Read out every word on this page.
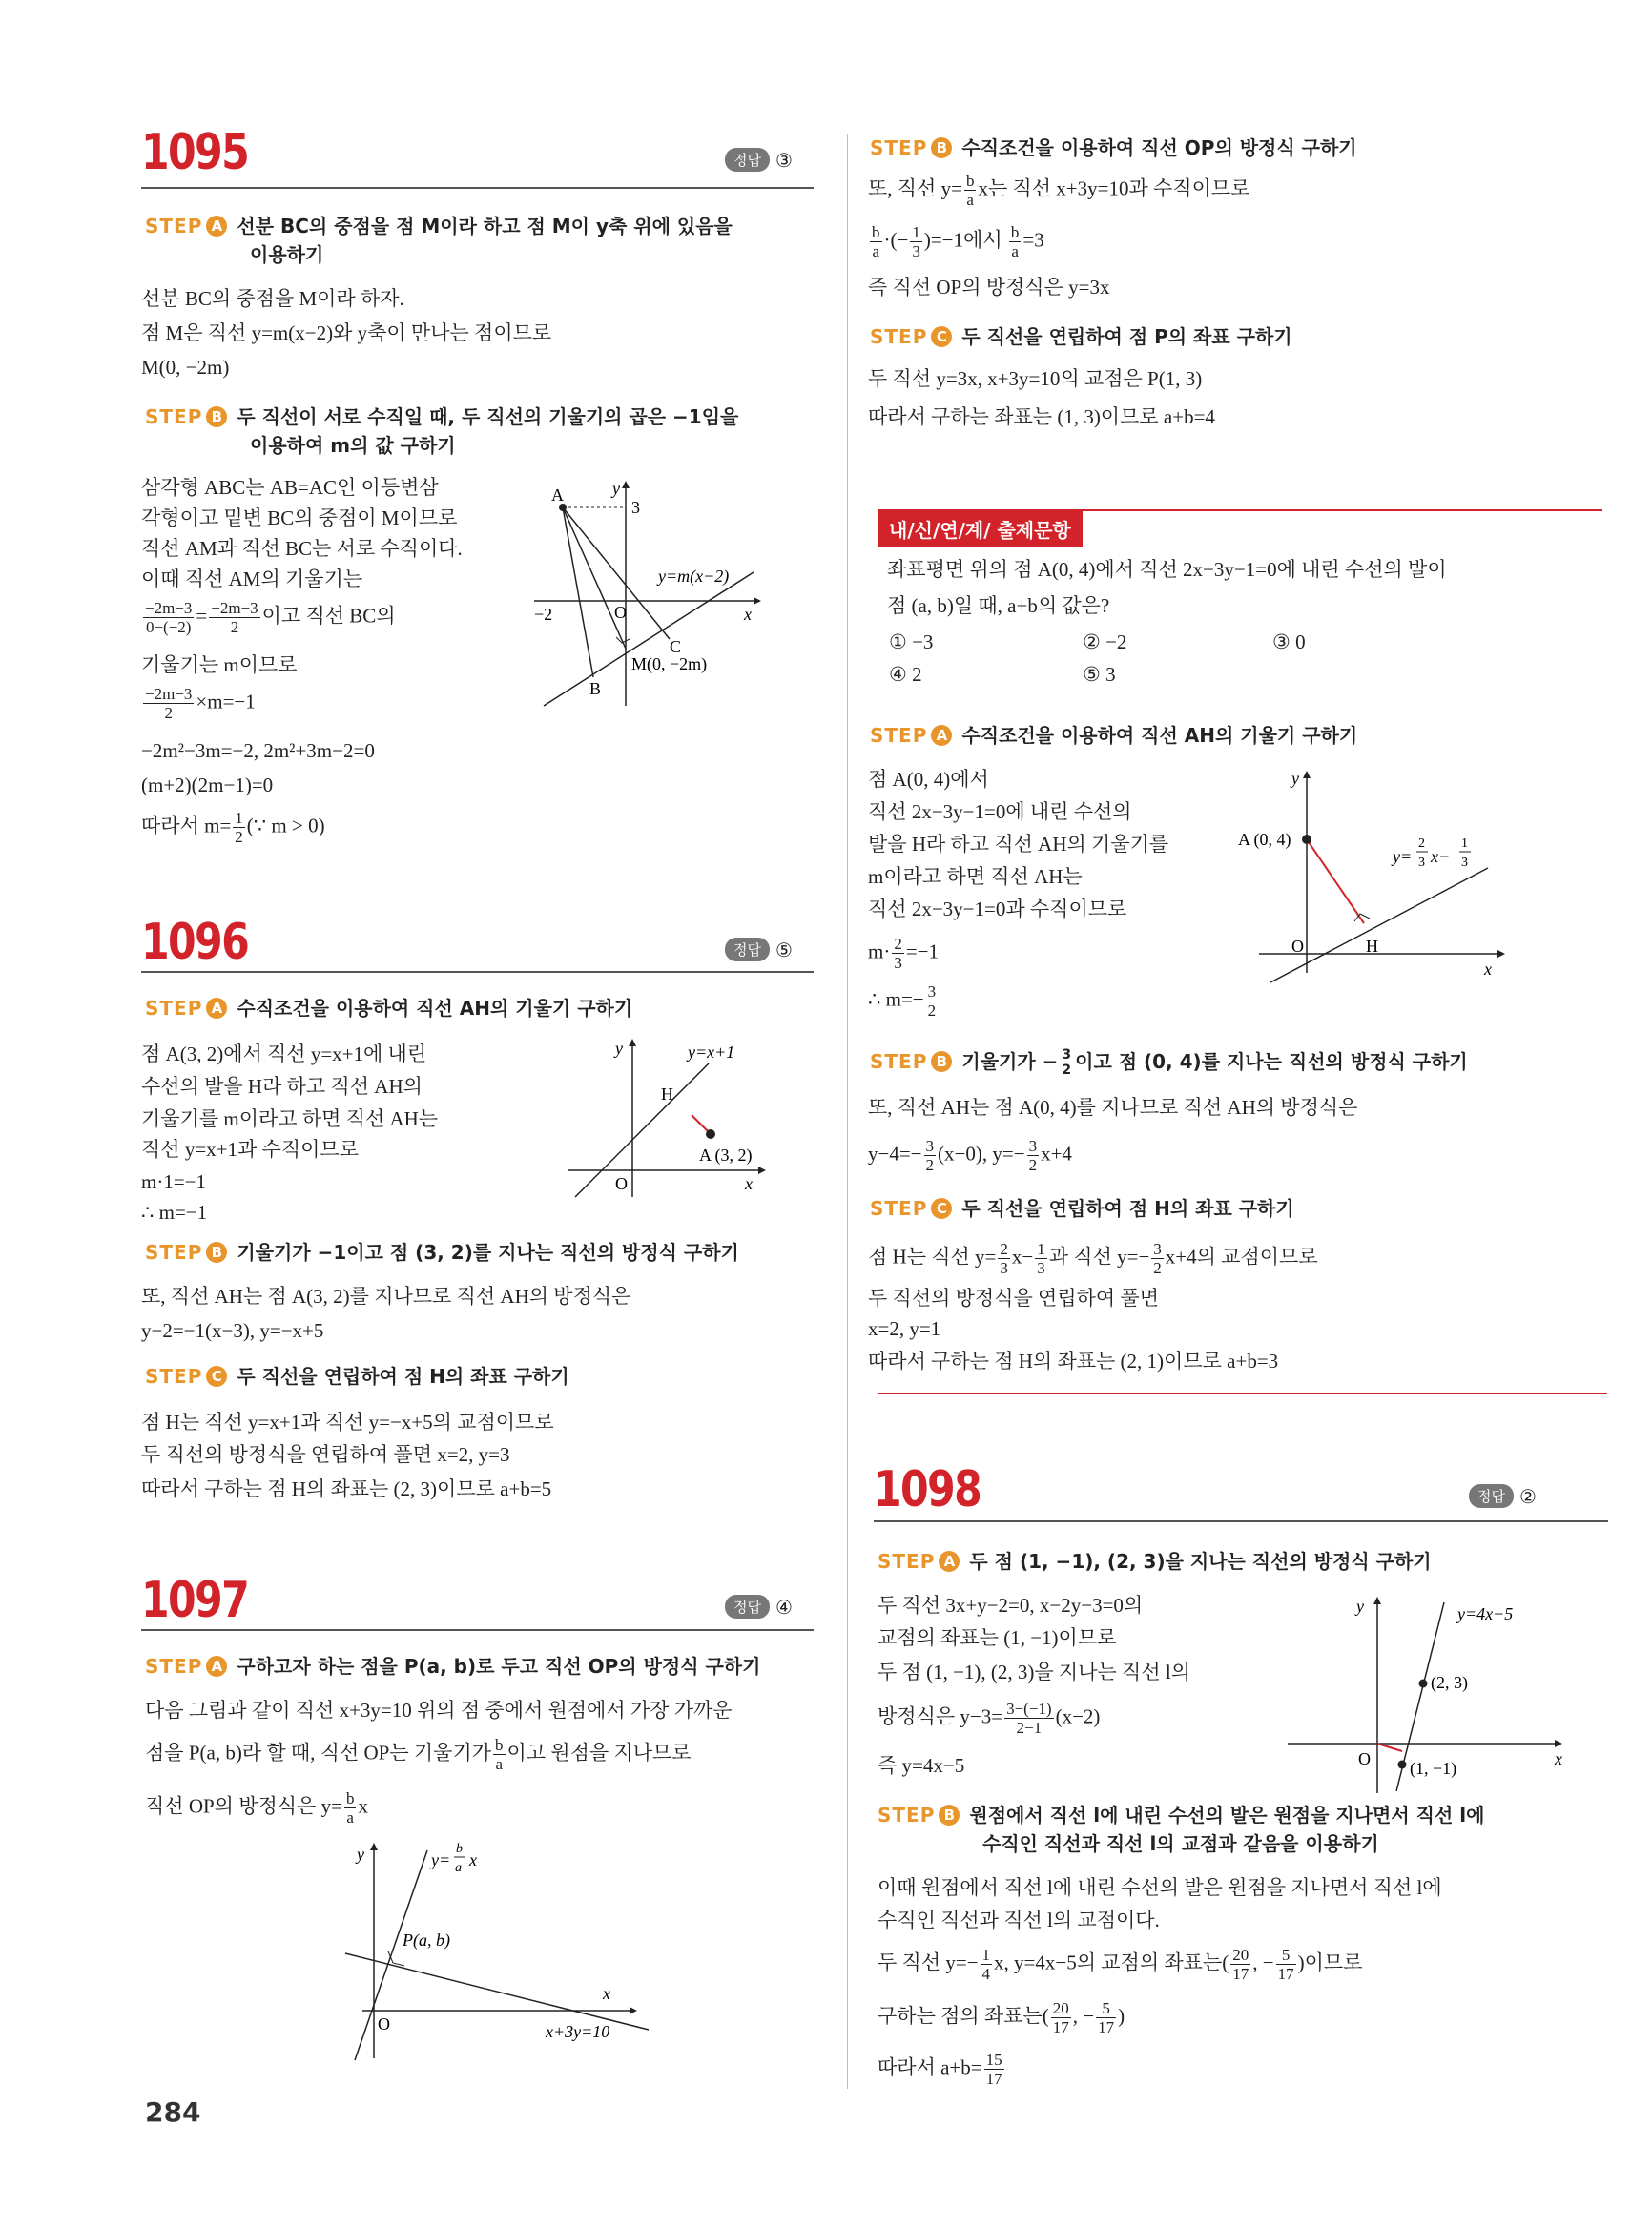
1095	정답 ③
STEP A 선분 BC의 중점을 점 M이라 하고 점 M이 y축 위에 있음을
이용하기
선분 BC의 중점을 M이라 하자.
점 M은 직선 y=m(x−2)와 y축이 만나는 점이므로
M(0, −2m)
STEP B 두 직선이 서로 수직일 때, 두 직선의 기울기의 곱은 −1임을
이용하여 m의 값 구하기
삼각형 ABC는 AB=AC인 이등변삼
각형이고 밑변 BC의 중점이 M이므로
직선 AM과 직선 BC는 서로 수직이다.
이때 직선 AM의 기울기는
$\frac{-2m-3}{0-(-2)} = \frac{-2m-3}{2}$ 이고 직선 BC의
기울기는 m이므로
$\frac{-2m-3}{2} \times m=-1$
−2m²−3m=−2, 2m²+3m−2=0
(m+2)(2m−1)=0
따라서 $m= \frac{1}{2}$ (∵ m > 0)
A
B
C
O
y
x
3
−2
y=m(x−2)
M(0, −2m)
1096	정답 ⑤
STEP A 수직조건을 이용하여 직선 AH의 기울기 구하기
점 A(3, 2)에서 직선 y=x+1에 내린
수선의 발을 H라 하고 직선 AH의
기울기를 m이라고 하면 직선 AH는
직선 y=x+1과 수직이므로
m·1=−1
∴ m=−1
H
A (3, 2)
y=x+1
y
x
O
STEP B 기울기가 −1이고 점 (3, 2)를 지나는 직선의 방정식 구하기
또, 직선 AH는 점 A(3, 2)를 지나므로 직선 AH의 방정식은
y−2=−1(x−3), y=−x+5
STEP C 두 직선을 연립하여 점 H의 좌표 구하기
점 H는 직선 y=x+1과 직선 y=−x+5의 교점이므로
두 직선의 방정식을 연립하여 풀면 x=2, y=3
따라서 구하는 점 H의 좌표는 (2, 3)이므로 a+b=5
1097	정답 ④
STEP A 구하고자 하는 점을 P(a, b)로 두고 직선 OP의 방정식 구하기
다음 그림과 같이 직선 x+3y=10 위의 점 중에서 원점에서 가장 가까운
점을 P(a, b)라 할 때, 직선 OP는 기울기가 $\frac{b}{a}$ 이고 원점을 지나므로
직선 OP의 방정식은 $y= \frac{b}{a}$ x
y
x
O
P(a, b)
y=
b
a x
x+3y=10
284
STEP B 수직조건을 이용하여 직선 OP의 방정식 구하기
또, 직선 $y= \frac{b}{a}$ x는 직선 x+3y=10과 수직이므로
$\frac{b}{a}$ ·(− $\frac{1}{3} )=-1$에서 $\frac{b}{a} =3$
즉 직선 OP의 방정식은 y=3x
STEP C 두 직선을 연립하여 점 P의 좌표 구하기
두 직선 y=3x, x+3y=10의 교점은 P(1, 3)
따라서 구하는 좌표는 (1, 3)이므로 a+b=4
내/신/연/계/ 출제문항
좌표평면 위의 점 A(0, 4)에서 직선 2x−3y−1=0에 내린 수선의 발이
점 (a, b)일 때, a+b의 값은?
① −3	② −2	③ 0
④ 2	⑤ 3
STEP A 수직조건을 이용하여 직선 AH의 기울기 구하기
점 A(0, 4)에서
직선 2x−3y−1=0에 내린 수선의
발을 H라 하고 직선 AH의 기울기를
m이라고 하면 직선 AH는
직선 2x−3y−1=0과 수직이므로
$m\cdot \frac{2}{3} =-1$
∴ $m=- \frac{3}{2}$
A (0, 4)
H
O
y
x
y=
2
3 x−
1
3
STEP B 기울기가 − $\frac{3}{2}$ 이고 점 (0, 4)를 지나는 직선의 방정식 구하기
또, 직선 AH는 점 A(0, 4)를 지나므로 직선 AH의 방정식은
$y-4=- \frac{3}{2} (x-0)$, $y=- \frac{3}{2} x+4$
STEP C 두 직선을 연립하여 점 H의 좌표 구하기
점 H는 직선 $y= \frac{2}{3} x- \frac{1}{3}$ 과 직선 $y=- \frac{3}{2} x+4$의 교점이므로
두 직선의 방정식을 연립하여 풀면
x=2, y=1
따라서 구하는 점 H의 좌표는 (2, 1)이므로 a+b=3
1098	정답 ②
STEP A 두 점 (1, −1), (2, 3)을 지나는 직선의 방정식 구하기
두 직선 3x+y−2=0, x−2y−3=0의
교점의 좌표는 (1, −1)이므로
두 점 (1, −1), (2, 3)을 지나는 직선 l의
방정식은 $y-3= \frac{3-(-1)}{2-1} (x-2)$
즉 y=4x−5
y
x
O
(2, 3)
(1, −1)
y=4x−5
STEP B 원점에서 직선 l에 내린 수선의 발은 원점을 지나면서 직선 l에
수직인 직선과 직선 l의 교점과 같음을 이용하기
이때 원점에서 직선 l에 내린 수선의 발은 원점을 지나면서 직선 l에
수직인 직선과 직선 l의 교점이다.
두 직선 $y=- \frac{1}{4} x$, y=4x−5의 교점의 좌표는( $\frac{20}{17}$ , − $\frac{5}{17}$ )이므로
구하는 점의 좌표는( $\frac{20}{17}$ , − $\frac{5}{17}$ )
따라서 $a+b= \frac{15}{17}$
